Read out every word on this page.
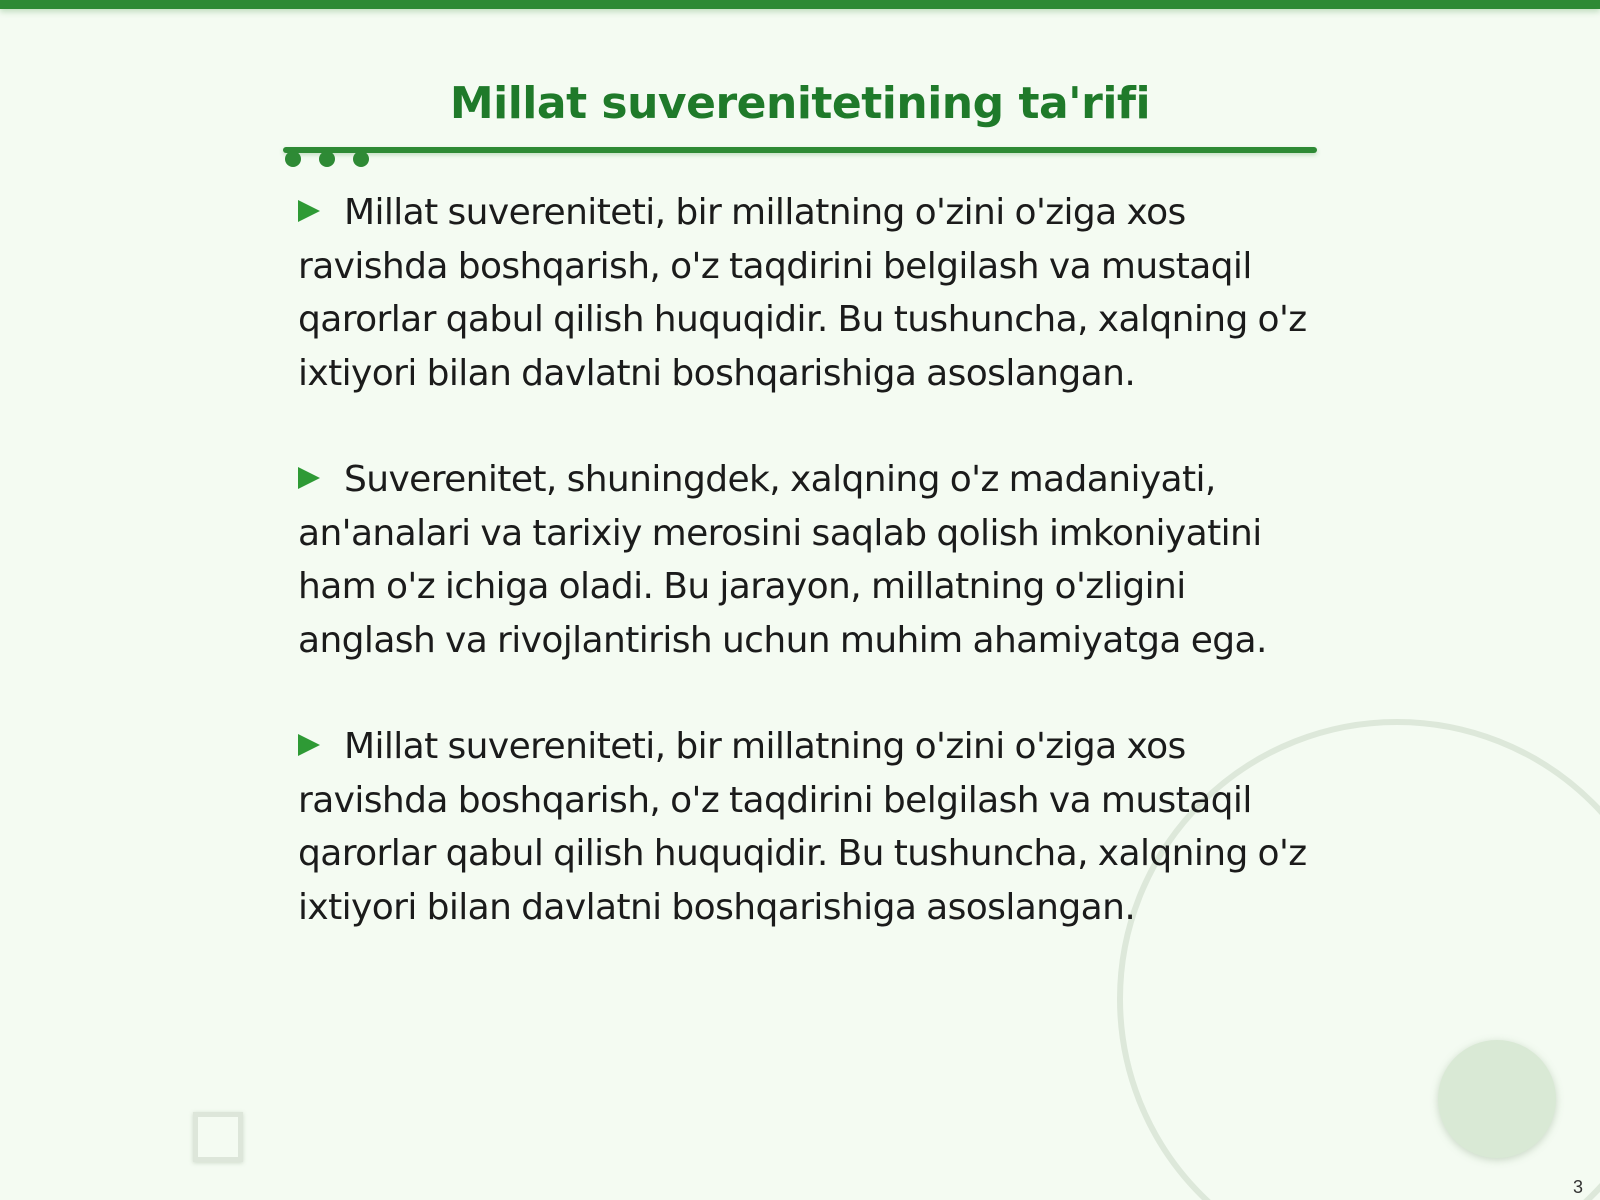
Millat suverenitetining ta'rifi

Millat suvereniteti, bir millatning o'zini o'ziga xos ravishda boshqarish, o'z taqdirini belgilash va mustaqil qarorlar qabul qilish huquqidir. Bu tushuncha, xalqning o'z ixtiyori bilan davlatni boshqarishiga asoslangan.

Suverenitet, shuningdek, xalqning o'z madaniyati, an'analari va tarixiy merosini saqlab qolish imkoniyatini ham o'z ichiga oladi. Bu jarayon, millatning o'zligini anglash va rivojlantirish uchun muhim ahamiyatga ega.

Millat suvereniteti, bir millatning o'zini o'ziga xos ravishda boshqarish, o'z taqdirini belgilash va mustaqil qarorlar qabul qilish huquqidir. Bu tushuncha, xalqning o'z ixtiyori bilan davlatni boshqarishiga asoslangan.

3
